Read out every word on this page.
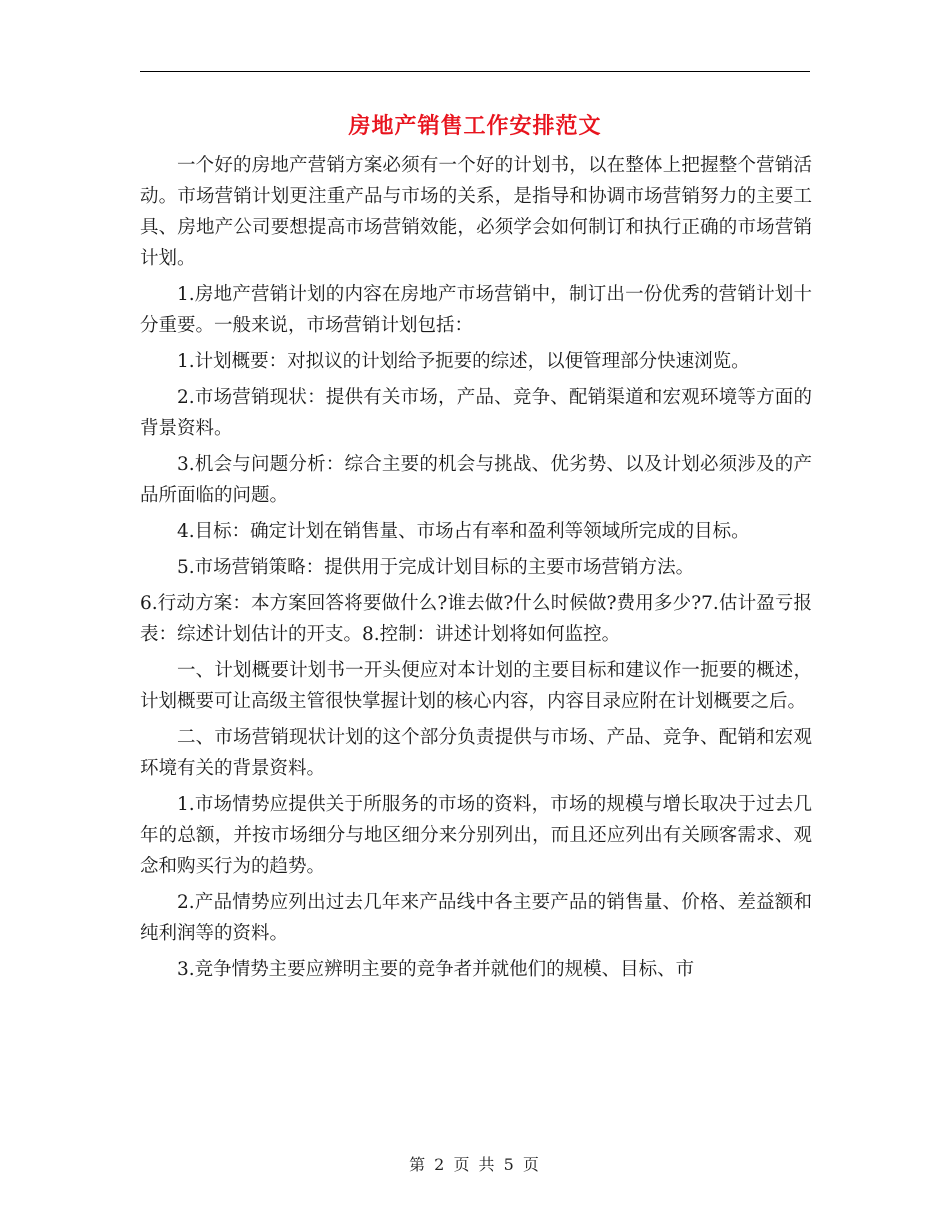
房地产销售工作安排范文

一个好的房地产营销方案必须有一个好的计划书，以在整体上把握整个营销活动。市场营销计划更注重产品与市场的关系，是指导和协调市场营销努力的主要工具、房地产公司要想提高市场营销效能，必须学会如何制订和执行正确的市场营销计划。

1.房地产营销计划的内容在房地产市场营销中，制订出一份优秀的营销计划十分重要。一般来说，市场营销计划包括：

1.计划概要：对拟议的计划给予扼要的综述，以便管理部分快速浏览。

2.市场营销现状：提供有关市场，产品、竞争、配销渠道和宏观环境等方面的背景资料。

3.机会与问题分析：综合主要的机会与挑战、优劣势、以及计划必须涉及的产品所面临的问题。

4.目标：确定计划在销售量、市场占有率和盈利等领域所完成的目标。

5.市场营销策略：提供用于完成计划目标的主要市场营销方法。

6.行动方案：本方案回答将要做什么?谁去做?什么时候做?费用多少?7.估计盈亏报表：综述计划估计的开支。8.控制：讲述计划将如何监控。

一、计划概要计划书一开头便应对本计划的主要目标和建议作一扼要的概述，计划概要可让高级主管很快掌握计划的核心内容，内容目录应附在计划概要之后。

二、市场营销现状计划的这个部分负责提供与市场、产品、竞争、配销和宏观环境有关的背景资料。

1.市场情势应提供关于所服务的市场的资料，市场的规模与增长取决于过去几年的总额，并按市场细分与地区细分来分别列出，而且还应列出有关顾客需求、观念和购买行为的趋势。

2.产品情势应列出过去几年来产品线中各主要产品的销售量、价格、差益额和纯利润等的资料。

3.竞争情势主要应辨明主要的竞争者并就他们的规模、目标、市

第 2 页 共 5 页
